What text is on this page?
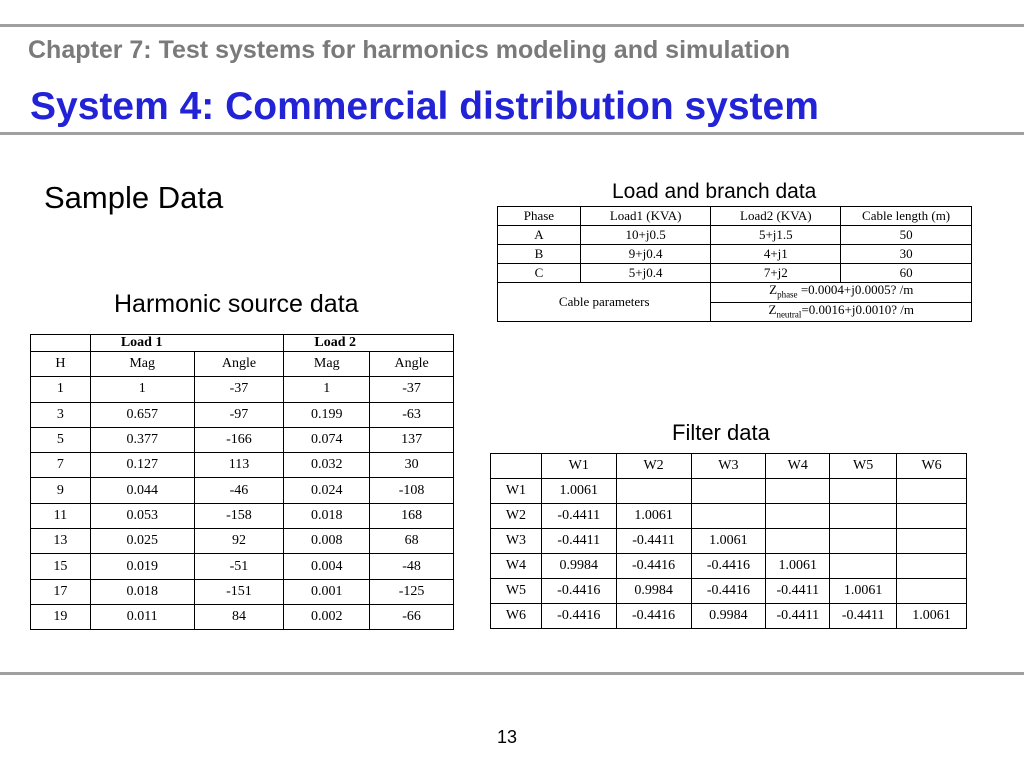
Chapter 7: Test systems for harmonics modeling and simulation
System 4: Commercial distribution system
Sample Data
Harmonic source data
	Load 1		Load 2	
H	Mag	Angle	Mag	Angle
1	1	-37	1	-37
3	0.657	-97	0.199	-63
5	0.377	-166	0.074	137
7	0.127	113	0.032	30
9	0.044	-46	0.024	-108
11	0.053	-158	0.018	168
13	0.025	92	0.008	68
15	0.019	-51	0.004	-48
17	0.018	-151	0.001	-125
19	0.011	84	0.002	-66
Load and branch data
Phase	Load1 (KVA)	Load2 (KVA)	Cable length (m)
A	10+j0.5	5+j1.5	50
B	9+j0.4	4+j1	30
C	5+j0.4	7+j2	60
Cable parameters		$Z_{phase} =0.0004+j0.0005$? /m	
		$Z_{neutral}=0.0016+j0.0010$? /m	
Filter data
	W1	W2	W3	W4	W5	W6
W1	1.0061					
W2	-0.4411	1.0061				
W3	-0.4411	-0.4411	1.0061			
W4	0.9984	-0.4416	-0.4416	1.0061		
W5	-0.4416	0.9984	-0.4416	-0.4411	1.0061	
W6	-0.4416	-0.4416	0.9984	-0.4411	-0.4411	1.0061
13
